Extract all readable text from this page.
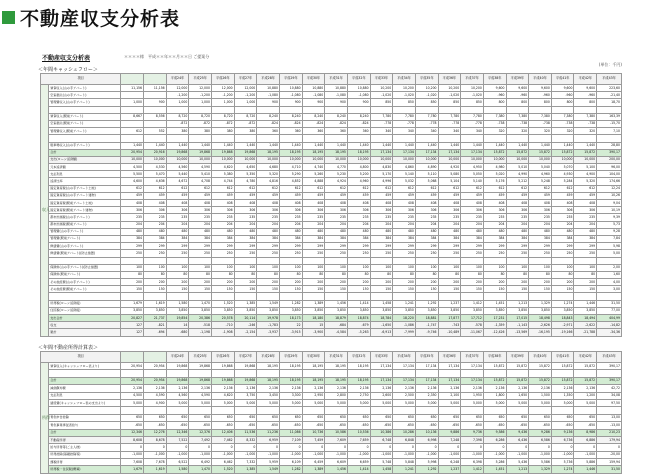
不動産収支分析表
不動産収支分析表	＊＊＊＊様　平成＊＊年＊＊月＊＊日 ご提案分
(単位：千円)
＜年間キャッシュフロー＞
項目				平成24年	平成25年	平成26年	平成27年	平成28年	平成29年	平成30年	平成31年	平成32年	平成33年	平成34年	平成35年	平成36年	平成37年	平成38年	平成39年	平成40年	平成41年	平成42年	平成43年
収入	賃貸収入(山の手アパート)	11,156	11,156	12,000	12,000	12,000	12,000	10,880	10,880	10,880	10,880	10,880	10,200	10,200	10,200	10,200	10,200	9,600	9,600	9,600	9,600	9,600	223,60
	空室損失(山の手アパート)			-1,200	-1,200	-1,200	-1,200	-1,080	-1,080	-1,080	-1,080	-1,080	-1,020	-1,020	-1,020	-1,020	-1,020	-960	-960	-960	-960	-960	-21,40
	管理費収入(山の手アパート)	1,000	900	1,000	1,000	1,000	1,000	900	900	900	900	900	850	850	850	850	850	800	800	800	800	800	18,70

	賃貸収入(駅前アパート)	8,667	8,556	8,720	8,720	8,720	8,720	8,240	8,240	8,240	8,240	8,240	7,780	7,780	7,780	7,780	7,780	7,380	7,380	7,380	7,380	7,380	163,39
	空室損失(駅前アパート)			-872	-872	-872	-872	-824	-824	-824	-824	-824	-778	-778	-778	-778	-778	-738	-738	-738	-738	-738	-15,70
	管理費収入(駅前アパート)	612	552	380	380	380	380	360	360	360	360	360	340	340	340	340	340	320	320	320	320	320	7,10

	駐車場収入(山の手アパート)	1,440	1,440	1,440	1,440	1,440	1,440	1,440	1,440	1,440	1,440	1,440	1,440	1,440	1,440	1,440	1,440	1,440	1,440	1,440	1,440	1,440	28,80
	合計	20,954	20,916	19,868	19,868	19,868	19,868	18,195	18,195	18,195	18,195	18,195	17,134	17,134	17,134	17,134	17,134	15,872	15,872	15,872	15,872	15,872	390,17
	支出(ローン返済額)	10,000	10,000	10,000	10,000	10,000	10,000	10,000	10,000	10,000	10,000	10,000	10,000	10,000	10,000	10,000	10,000	10,000	10,000	10,000	10,000	10,000	200,00
	元本返済額	4,500	4,530	4,560	4,590	4,620	4,650	4,680	4,710	4,740	4,770	4,800	4,830	4,860	4,890	4,920	4,950	4,980	5,010	5,040	5,070	5,100	96,00
	支払利息	5,500	5,470	5,440	5,410	5,380	5,350	5,320	5,290	5,260	5,230	5,200	5,170	5,140	5,110	5,080	5,050	5,020	4,990	4,960	4,930	4,900	104,00
	返済比率	4,600	4,636	4,672	4,708	4,744	4,780	4,816	4,852	4,888	4,924	4,960	4,996	5,032	5,068	5,104	5,140	5,176	5,212	5,248	5,284	5,320	174,66
	固定資産税(山の手アパート土地)	612	612	612	612	612	612	612	612	612	612	612	612	612	612	612	612	612	612	612	612	612	12,24
	固定資産税(山の手アパート建物)	459	459	459	459	459	459	459	459	459	459	459	459	459	459	459	459	459	459	459	459	459	10,26
	固定資産税(駅前アパート土地)	408	408	408	408	408	408	408	408	408	408	408	408	408	408	408	408	408	408	408	408	408	9,04
	固定資産税(駅前アパート建物)	306	306	306	306	306	306	306	306	306	306	306	306	306	306	306	306	306	306	306	306	306	10,19
	都市計画税(山の手アパート)	235	235	235	235	235	235	235	235	235	235	235	235	235	235	235	235	235	235	235	235	235	9,39
	都市計画税(駅前アパート)	204	204	204	204	204	204	204	204	204	204	204	204	204	204	204	204	204	204	204	204	204	5,73
	管理費(山の手アパート)	480	480	480	480	480	480	480	480	480	480	480	480	480	480	480	480	480	480	480	480	480	9,28
	管理費(駅前アパート)	384	384	384	384	384	384	384	384	384	384	384	384	384	384	384	384	384	384	384	384	384	7,84
	修繕費(山の手アパート)	299	299	299	299	299	299	299	299	299	299	299	299	299	299	299	299	299	299	299	299	299	5,98
	修繕費(駅前アパート)(防止措置)	250	250	250	250	250	250	250	250	250	250	250	250	250	250	250	250	250	250	250	250	250	5,00

	保険料(山の手アパート)(防止措置)	100	100	100	100	100	100	100	100	100	100	100	100	100	100	100	100	100	100	100	100	100	2,00
	保険料(駅前アパート)	80	80	80	80	80	80	80	80	80	80	80	80	80	80	80	80	80	80	80	80	80	1,60
	その他経費(山の手アパート)	200	200	200	200	200	200	200	200	200	200	200	200	200	200	200	200	200	200	200	200	200	4,00
	その他経費(駅前アパート)	150	150	150	150	150	150	150	150	150	150	150	150	150	150	150	150	150	150	150	150	150	3,00

	所得税(ローン返済後)	1,679	1,619	1,580	1,470	1,520	1,385	1,549	1,282	1,389	1,456	1,414	1,458	1,241	1,292	1,237	1,412	1,451	1,213	1,329	1,274	1,446	31,50
	住民税(ローン返済後)	3,850	3,850	3,850	3,850	3,850	3,850	3,850	3,850	3,850	3,850	3,850	3,850	3,850	3,850	3,850	3,850	3,850	3,850	3,850	3,850	3,850	77,00
	支出合計	20,827	21,737	19,854	20,386	20,578	20,114	19,978	18,173	18,180	18,879	18,874	18,784	18,220	18,881	17,877	17,712	17,231	17,015	18,498	18,843	18,494	404,99
	収支	127	-821	14	-518	-710	-246	-1,783	22	15	-684	-679	-1,650	-1,086	-1,747	-743	-578	-1,359	-1,143	-2,626	-2,971	-2,622	-14,82
	累計	127	-694	-680	-1,198	-1,908	-2,154	-3,937	-3,915	-3,900	-4,584	-5,263	-6,913	-7,999	-9,746	-10,489	-11,067	-12,426	-13,569	-16,195	-19,166	-21,788	-34,36
＜年間不動産所得計算表＞
項目				平成24年	平成25年	平成26年	平成27年	平成28年	平成29年	平成30年	平成31年	平成32年	平成33年	平成34年	平成35年	平成36年	平成37年	平成38年	平成39年	平成40年	平成41年	平成42年	平成43年
所得	賃貸収入(キャッシュフロー表より)	20,954	20,954	19,868	19,868	19,868	19,868	18,195	18,195	18,195	18,195	18,195	17,134	17,134	17,134	17,134	17,134	15,872	15,872	15,872	15,872	15,872	390,17

	合計	20,954	20,954	19,868	19,868	19,868	19,868	18,195	18,195	18,195	18,195	18,195	17,134	17,134	17,134	17,134	17,134	15,872	15,872	15,872	15,872	15,872	390,17
	減価償却費	2,136	2,136	2,136	2,136	2,136	2,136	2,136	2,136	2,136	2,136	2,136	2,136	2,136	2,136	2,136	2,136	2,136	2,136	2,136	2,136	2,136	42,72
	支払利息	4,500	4,590	4,560	4,590	4,620	3,750	3,450	3,300	2,950	2,800	2,750	2,600	2,500	2,350	2,100	1,950	1,800	1,650	1,500	1,350	1,200	34,08
	諸経費(キャッシュフロー表の支出より)	5,000	4,900	5,000	5,000	5,000	5,000	5,000	5,000	5,000	5,000	5,000	5,000	5,000	5,000	5,000	5,000	5,000	5,000	5,000	5,000	5,000	97,50

	青色申告控除	650	650	650	650	650	650	650	650	650	650	650	650	650	650	650	650	650	650	650	650	650	13,00
	青色事業専従者給与	-650	-650	-650	-650	-650	-650	-650	-650	-650	-650	-650	-650	-650	-650	-650	-650	-650	-650	-650	-650	-650	-13,00
	合計	12,346	12,276	12,346	12,376	12,406	11,536	11,236	11,086	10,736	10,586	10,536	10,386	10,286	10,136	9,886	9,736	9,586	9,436	9,286	9,136	8,986	210,23
	不動産所得	8,608	8,678	7,522	7,492	7,462	8,332	6,959	7,109	7,459	7,609	7,659	6,748	6,848	6,998	7,248	7,398	6,286	6,436	6,586	6,736	6,886	179,94
	給与所得等(ご主人様)	0	0	0	0	0	0	0	0	0	0	0	0	0	0	0	0	0	0	0	0	0	0
	所得控除(基礎控除等)	-1,000	-1,000	-1,000	-1,000	-1,000	-1,000	-1,000	-1,000	-1,000	-1,000	-1,000	-1,000	-1,000	-1,000	-1,000	-1,000	-1,000	-1,000	-1,000	-1,000	-1,000	-20,00
	課税所得	7,608	7,678	6,522	6,492	6,462	7,332	5,959	6,109	6,459	6,609	6,659	5,748	5,848	5,998	6,248	6,398	5,286	5,436	5,586	5,736	5,886	159,94
	所得税・住民税(概算)	1,679	1,619	1,580	1,470	1,520	1,385	1,549	1,282	1,389	1,456	1,414	1,458	1,241	1,292	1,237	1,412	1,451	1,213	1,329	1,274	1,446	31,50
